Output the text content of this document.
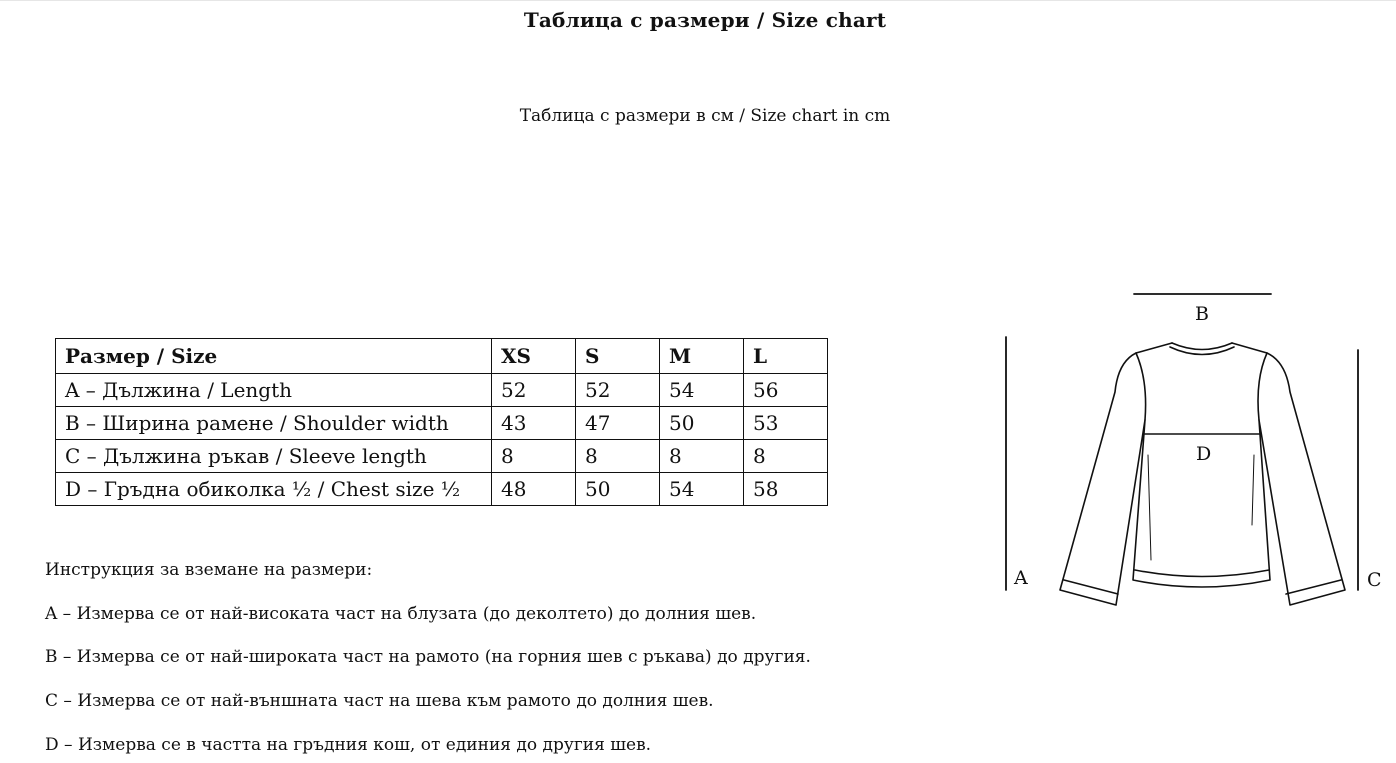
Таблица с размери / Size chart
Таблица с размери в см / Size chart in cm
Размер / Size	XS	S	M	L
A – Дължина / Length	52	52	54	56
B – Ширина рамене / Shoulder width	43	47	50	53
C – Дължина ръкав / Sleeve length	8	8	8	8
D – Гръдна обиколка ½ / Chest size ½	48	50	54	58
Инструкция за вземане на размери:
A – Измерва се от най-високата част на блузата (до деколтето) до долния шев.
B – Измерва се от най-широката част на рамото (на горния шев с ръкава) до другия.
C – Измерва се от най-външната част на шева към рамото до долния шев.
D – Измерва се в частта на гръдния кош, от единия до другия шев.
B
A	C
D
